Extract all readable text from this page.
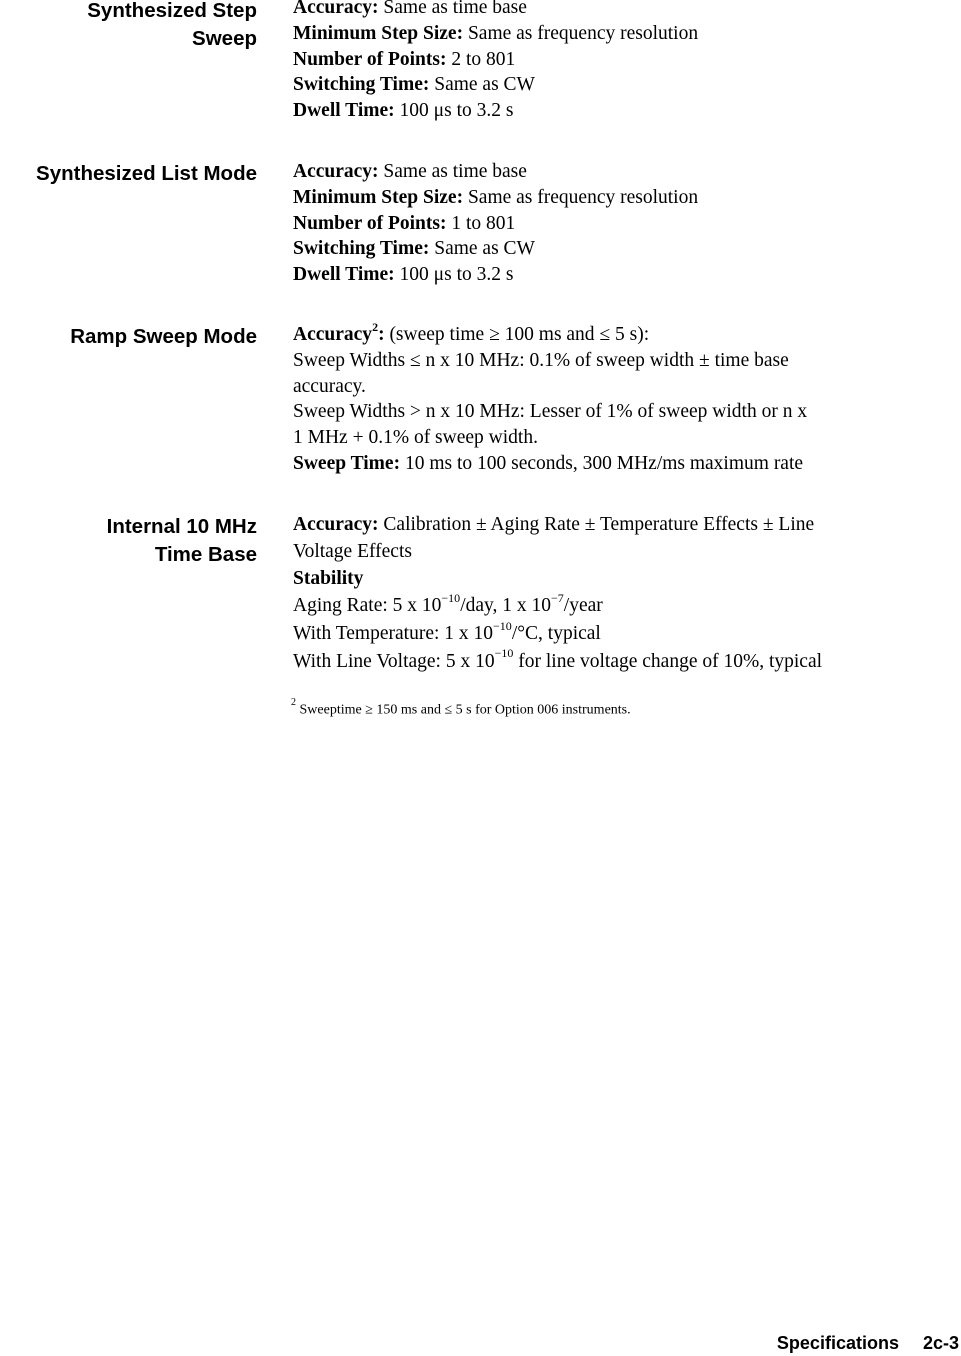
Synthesized Step
Sweep
Accuracy: Same as time base
Minimum Step Size: Same as frequency resolution
Number of Points: 2 to 801
Switching Time: Same as CW
Dwell Time: 100 μs to 3.2 s
Synthesized List Mode Accuracy: Same as time base
Minimum Step Size: Same as frequency resolution
Number of Points: 1 to 801
Switching Time: Same as CW
Dwell Time: 100 μs to 3.2 s
Ramp Sweep Mode Accuracy$^2$: (sweep time ≥ 100 ms and ≤ 5 s):
Sweep Widths ≤ n x 10 MHz: 0.1% of sweep width ± time base
accuracy.
Sweep Widths > n x 10 MHz: Lesser of 1% of sweep width or n x
1 MHz + 0.1% of sweep width.
Sweep Time: 10 ms to 100 seconds, 300 MHz/ms maximum rate
Internal 10 MHz
Time Base
Accuracy: Calibration ± Aging Rate ± Temperature Effects ± Line
Voltage Effects
Stability
Aging Rate: 5 x $10^{-10}$/day, 1 x $10^{-7}$/year
With Temperature: 1 x $10^{-10}/^\circ C$, typical
With Line Voltage: 5 x $10^{-10}$ for line voltage change of 10%, typical
$^2$ Sweeptime ≥ 150 ms and ≤ 5 s for Option 006 instruments.
Specifications 2c-3
